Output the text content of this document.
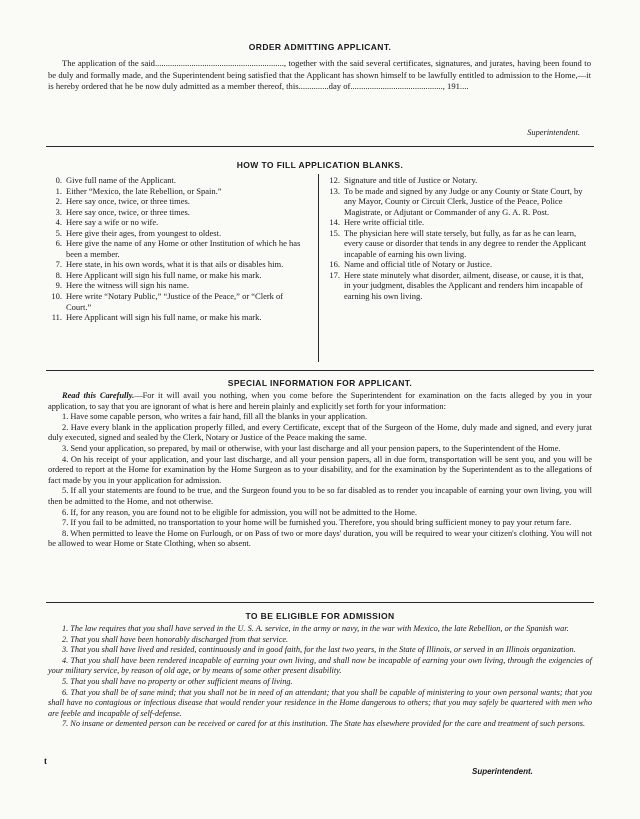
ORDER ADMITTING APPLICANT.
The application of the said............................................................, together with the said several certificates, signatures, and jurates, having been found to be duly and formally made, and the Superintendent being satisfied that the Applicant has shown himself to be lawfully entitled to admission to the Home,—it is hereby ordered that he be now duly admitted as a member thereof, this..............day of..........................................., 191....
Superintendent.
HOW TO FILL APPLICATION BLANKS.
0 . Give full name of the Applicant.
1 . Either “Mexico, the late Rebellion, or Spain.”
2 . Here say once, twice, or three times.
3 . Here say once, twice, or three times.
4 . Here say a wife or no wife.
5 . Here give their ages, from youngest to oldest.
6 . Here give the name of any Home or other Institution of which he has been a member.
7 . Here state, in his own words, what it is that ails or disables him.
8 . Here Applicant will sign his full name, or make his mark.
9 . Here the witness will sign his name.
10 . Here write “Notary Public,” “Justice of the Peace,” or “Clerk of Court.”
11 . Here Applicant will sign his full name, or make his mark.
12 . Signature and title of Justice or Notary.
13 . To be made and signed by any Judge or any County or State Court, by any Mayor, County or Circuit Clerk, Justice of the Peace, Police Magistrate, or Adjutant or Commander of any G. A. R. Post.
14 . Here write official title.
15 . The physician here will state tersely, but fully, as far as he can learn, every cause or disorder that tends in any degree to render the Applicant incapable of earning his own living.
16 . Name and official title of Notary or Justice.
17 . Here state minutely what disorder, ailment, disease, or cause, it is that, in your judgment, disables the Applicant and renders him incapable of earning his own living.
SPECIAL INFORMATION FOR APPLICANT.

Read this Carefully.—For it will avail you nothing, when you come before the Superintendent for examination on the facts alleged by you in your application, to say that you are ignorant of what is here and herein plainly and explicitly set forth for your information:

1. Have some capable person, who writes a fair hand, fill all the blanks in your application.

2. Have every blank in the application properly filled, and every Certificate, except that of the Surgeon of the Home, duly made and signed, and every jurat duly executed, signed and sealed by the Clerk, Notary or Justice of the Peace making the same.

3. Send your application, so prepared, by mail or otherwise, with your last discharge and all your pension papers, to the Superintendent of the Home.

4. On his receipt of your application, and your last discharge, and all your pension papers, all in due form, transportation will be sent you, and you will be ordered to report at the Home for examination by the Home Surgeon as to your disability, and for the examination by the Superintendent as to the allegations of fact made by you in your application for admission.

5. If all your statements are found to be true, and the Surgeon found you to be so far disabled as to render you incapable of earning your own living, you will then be admitted to the Home, and not otherwise.

6. If, for any reason, you are found not to be eligible for admission, you will not be admitted to the Home.

7. If you fail to be admitted, no transportation to your home will be furnished you. Therefore, you should bring sufficient money to pay your return fare.

8. When permitted to leave the Home on Furlough, or on Pass of two or more days' duration, you will be required to wear your citizen's clothing. You will not be allowed to wear Home or State Clothing, when so absent.

TO BE ELIGIBLE FOR ADMISSION

1. The law requires that you shall have served in the U. S. A. service, in the army or navy, in the war with Mexico, the late Rebellion, or the Spanish war.

2. That you shall have been honorably discharged from that service.

3. That you shall have lived and resided, continuously and in good faith, for the last two years, in the State of Illinois, or served in an Illinois organization.

4. That you shall have been rendered incapable of earning your own living, and shall now be incapable of earning your own living, through the exigencies of your military service, by reason of old age, or by means of some other present disability.

5. That you shall have no property or other sufficient means of living.

6. That you shall be of sane mind; that you shall not be in need of an attendant; that you shall be capable of ministering to your own personal wants; that you shall have no contagious or infectious disease that would render your residence in the Home dangerous to others; that you may safely be quartered with men who are feeble and incapable of self-defense.

7. No insane or demented person can be received or cared for at this institution. The State has elsewhere provided for the care and treatment of such persons.

t
Superintendent.
